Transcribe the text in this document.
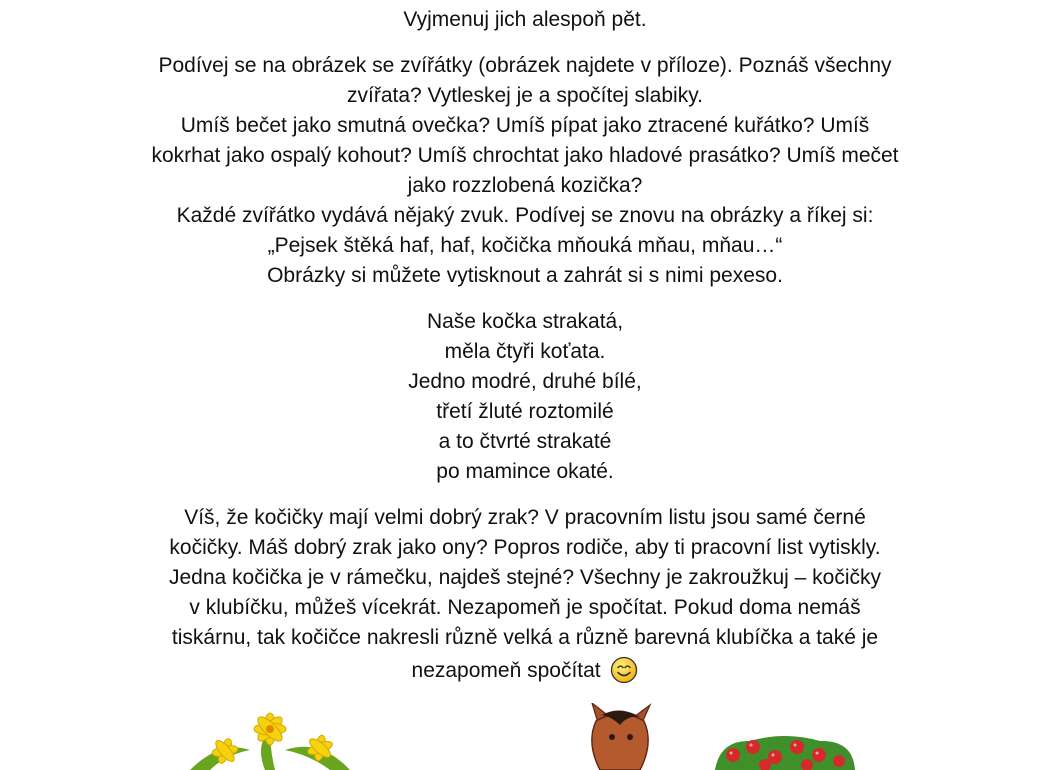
Vyjmenuj jich alespoň pět.
Podívej se na obrázek se zvířátky (obrázek najdete v příloze). Poznáš všechny
zvířata? Vytleskej je a spočítej slabiky.
Umíš bečet jako smutná ovečka? Umíš pípat jako ztracené kuřátko? Umíš
kokrhat jako ospalý kohout? Umíš chrochtat jako hladové prasátko? Umíš mečet
jako rozzlobená kozička?
Každé zvířátko vydává nějaký zvuk. Podívej se znovu na obrázky a říkej si:
„Pejsek štěká haf, haf, kočička mňouká mňau, mňau…“
Obrázky si můžete vytisknout a zahrát si s nimi pexeso.
Naše kočka strakatá,
měla čtyři koťata.
Jedno modré, druhé bílé,
třetí žluté roztomilé
a to čtvrté strakaté
po mamince okaté.
Víš, že kočičky mají velmi dobrý zrak? V pracovním listu jsou samé černé
kočičky. Máš dobrý zrak jako ony? Popros rodiče, aby ti pracovní list vytiskly.
Jedna kočička je v rámečku, najdeš stejné? Všechny je zakroužkuj – kočičky
v klubíčku, můžeš vícekrát. Nezapomeň je spočítat. Pokud doma nemáš
tiskárnu, tak kočičce nakresli různě velká a různě barevná klubíčka a také je
nezapomeň spočítat
